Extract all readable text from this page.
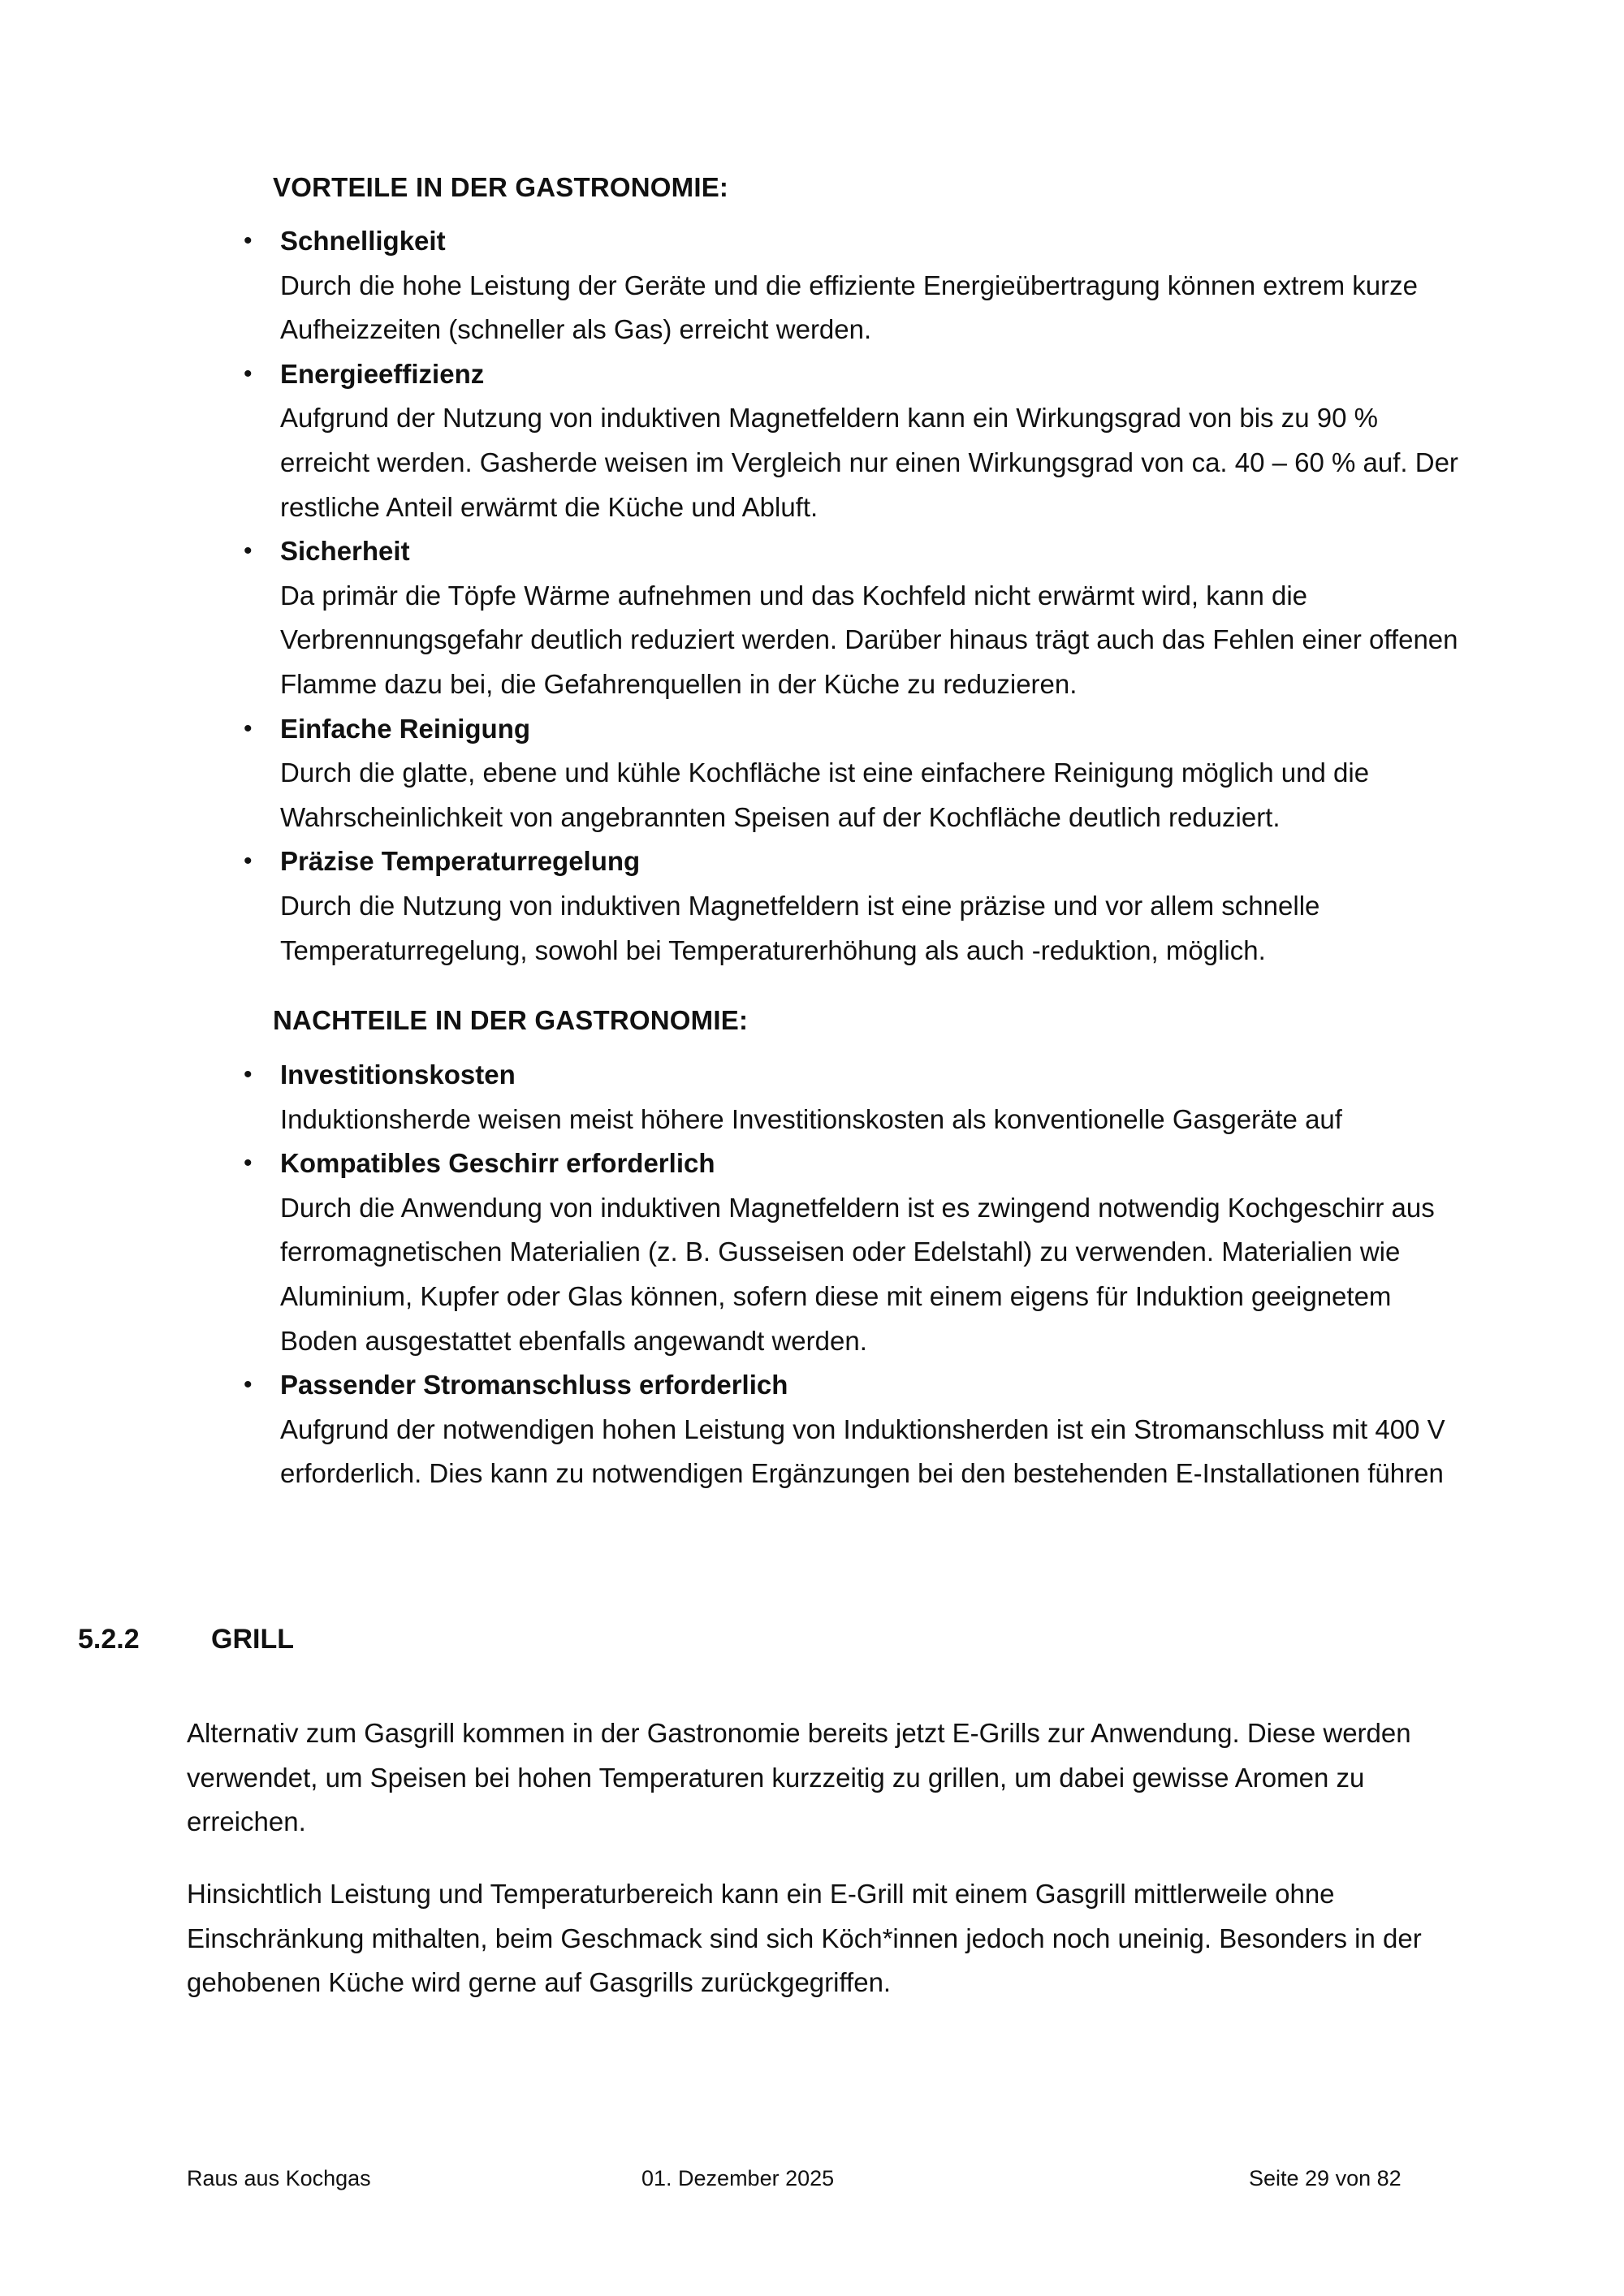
VORTEILE IN DER GASTRONOMIE:
• Schnelligkeit
Durch die hohe Leistung der Geräte und die effiziente Energieübertragung können extrem kurze Aufheizzeiten (schneller als Gas) erreicht werden.
• Energieeffizienz
Aufgrund der Nutzung von induktiven Magnetfeldern kann ein Wirkungsgrad von bis zu 90 % erreicht werden. Gasherde weisen im Vergleich nur einen Wirkungsgrad von ca. 40 – 60 % auf. Der restliche Anteil erwärmt die Küche und Abluft.
• Sicherheit
Da primär die Töpfe Wärme aufnehmen und das Kochfeld nicht erwärmt wird, kann die Verbrennungsgefahr deutlich reduziert werden. Darüber hinaus trägt auch das Fehlen einer offenen Flamme dazu bei, die Gefahrenquellen in der Küche zu reduzieren.
• Einfache Reinigung
Durch die glatte, ebene und kühle Kochfläche ist eine einfachere Reinigung möglich und die Wahrscheinlichkeit von angebrannten Speisen auf der Kochfläche deutlich reduziert.
• Präzise Temperaturregelung
Durch die Nutzung von induktiven Magnetfeldern ist eine präzise und vor allem schnelle Temperaturregelung, sowohl bei Temperaturerhöhung als auch -reduktion, möglich.
NACHTEILE IN DER GASTRONOMIE:
• Investitionskosten
Induktionsherde weisen meist höhere Investitionskosten als konventionelle Gasgeräte auf
• Kompatibles Geschirr erforderlich
Durch die Anwendung von induktiven Magnetfeldern ist es zwingend notwendig Kochgeschirr aus ferromagnetischen Materialien (z. B. Gusseisen oder Edelstahl) zu verwenden. Materialien wie Aluminium, Kupfer oder Glas können, sofern diese mit einem eigens für Induktion geeignetem Boden ausgestattet ebenfalls angewandt werden.
• Passender Stromanschluss erforderlich
Aufgrund der notwendigen hohen Leistung von Induktionsherden ist ein Stromanschluss mit 400 V erforderlich. Dies kann zu notwendigen Ergänzungen bei den bestehenden E-Installationen führen
5.2.2	GRILL

Alternativ zum Gasgrill kommen in der Gastronomie bereits jetzt E-Grills zur Anwendung. Diese werden verwendet, um Speisen bei hohen Temperaturen kurzzeitig zu grillen, um dabei gewisse Aromen zu erreichen.

Hinsichtlich Leistung und Temperaturbereich kann ein E-Grill mit einem Gasgrill mittlerweile ohne Einschränkung mithalten, beim Geschmack sind sich Köch*innen jedoch noch uneinig. Besonders in der gehobenen Küche wird gerne auf Gasgrills zurückgegriffen.

Raus aus Kochgas	01. Dezember 2025	Seite 29 von 82
